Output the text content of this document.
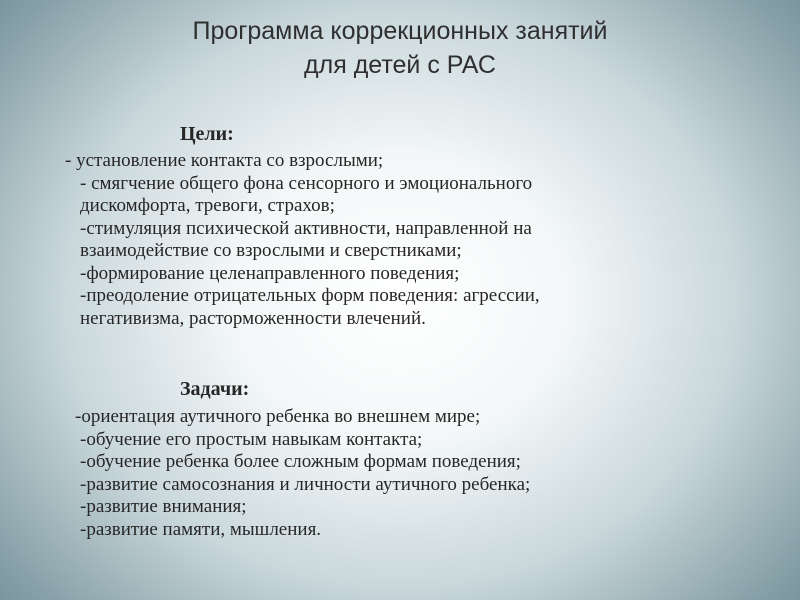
Программа коррекционных занятий
для детей с РАС
Цели:
- установление контакта со взрослыми;
- смягчение общего фона сенсорного и эмоционального
дискомфорта, тревоги, страхов;
-стимуляция психической активности, направленной на
взаимодействие со взрослыми и сверстниками;
-формирование целенаправленного поведения;
-преодоление отрицательных форм поведения: агрессии,
негативизма, расторможенности влечений.
Задачи:
-ориентация аутичного ребенка во внешнем мире;
-обучение его простым навыкам контакта;
-обучение ребенка более сложным формам поведения;
-развитие самосознания и личности аутичного ребенка;
-развитие внимания;
-развитие памяти, мышления.
